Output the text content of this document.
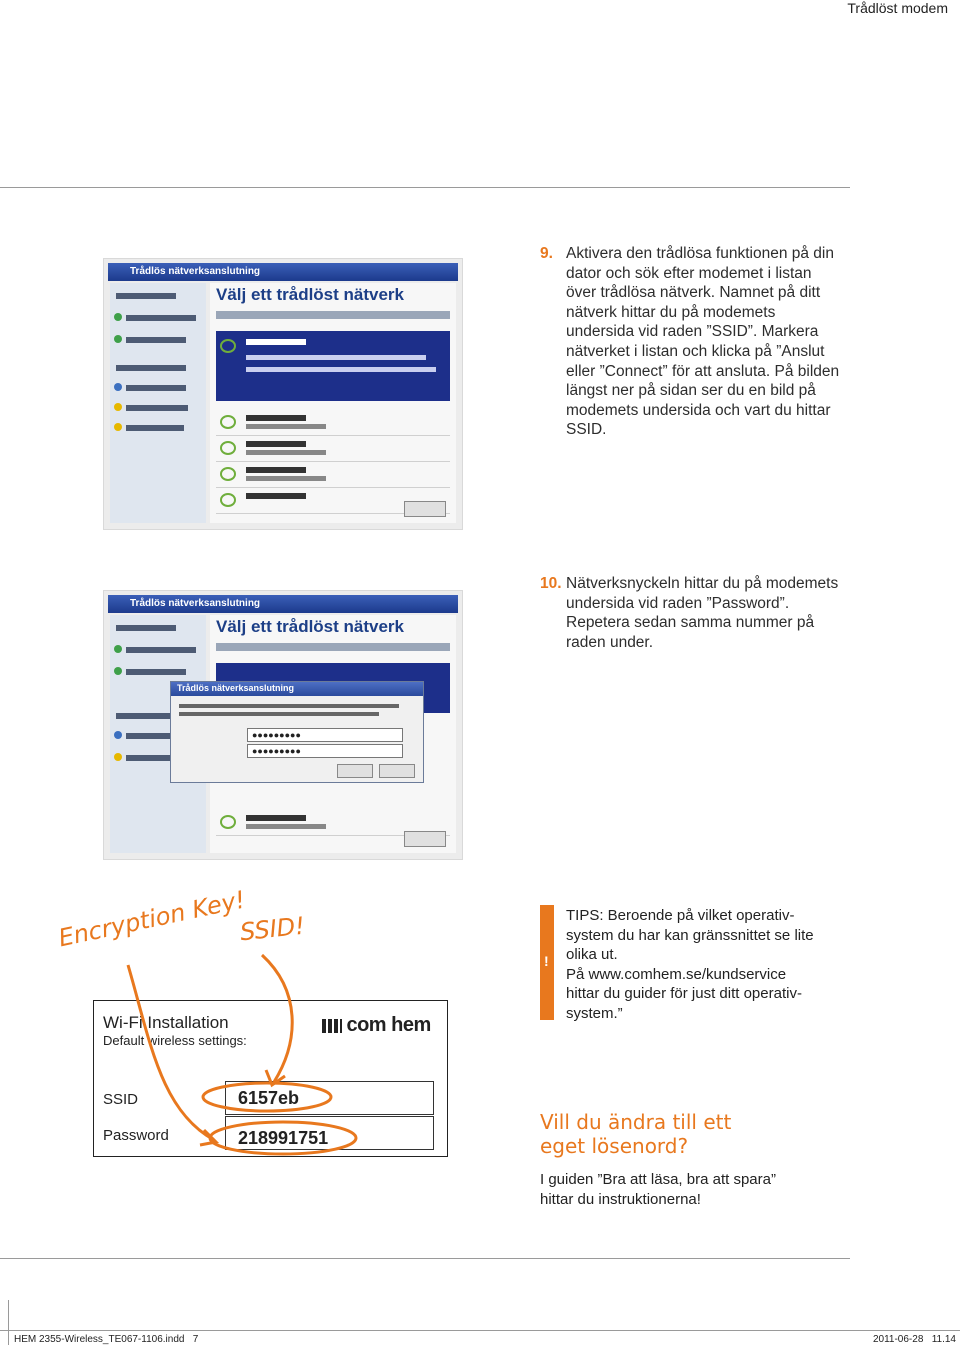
Trådlöst modem
Trådlös nätverksanslutning
Välj ett trådlöst nätverk
9. Aktivera den trådlösa funktionen på din dator och sök efter modemet i listan över trådlösa nätverk. Namnet på ditt nätverk hittar du på modemets undersida vid raden ”SSID”. Markera nätverket i listan och klicka på ”Anslut eller ”Connect” för att ansluta. På bilden längst ner på sidan ser du en bild på modemets undersida och vart du hittar SSID.
Trådlös nätverksanslutning
Välj ett trådlöst nätverk
Trådlös nätverksanslutning
●●●●●●●●●
●●●●●●●●●
10. Nätverksnyckeln hittar du på modemets undersida vid raden ”Password”. Repetera sedan samma nummer på raden under.
Encryption Key!
SSID!
Wi-Fi Installation
Default wireless settings:
com hem
SSID	6157eb
Password	218991751
!
TIPS: Beroende på vilket operativ-
system du har kan gränssnittet se lite
olika ut.
På www.comhem.se/kundservice
hittar du guider för just ditt operativ-
system.”
Vill du ändra till ett
eget lösenord?
I guiden ”Bra att läsa, bra att spara”
hittar du instruktionerna!
HEM 2355-Wireless_TE067-1106.indd   7	2011-06-28   11.14
